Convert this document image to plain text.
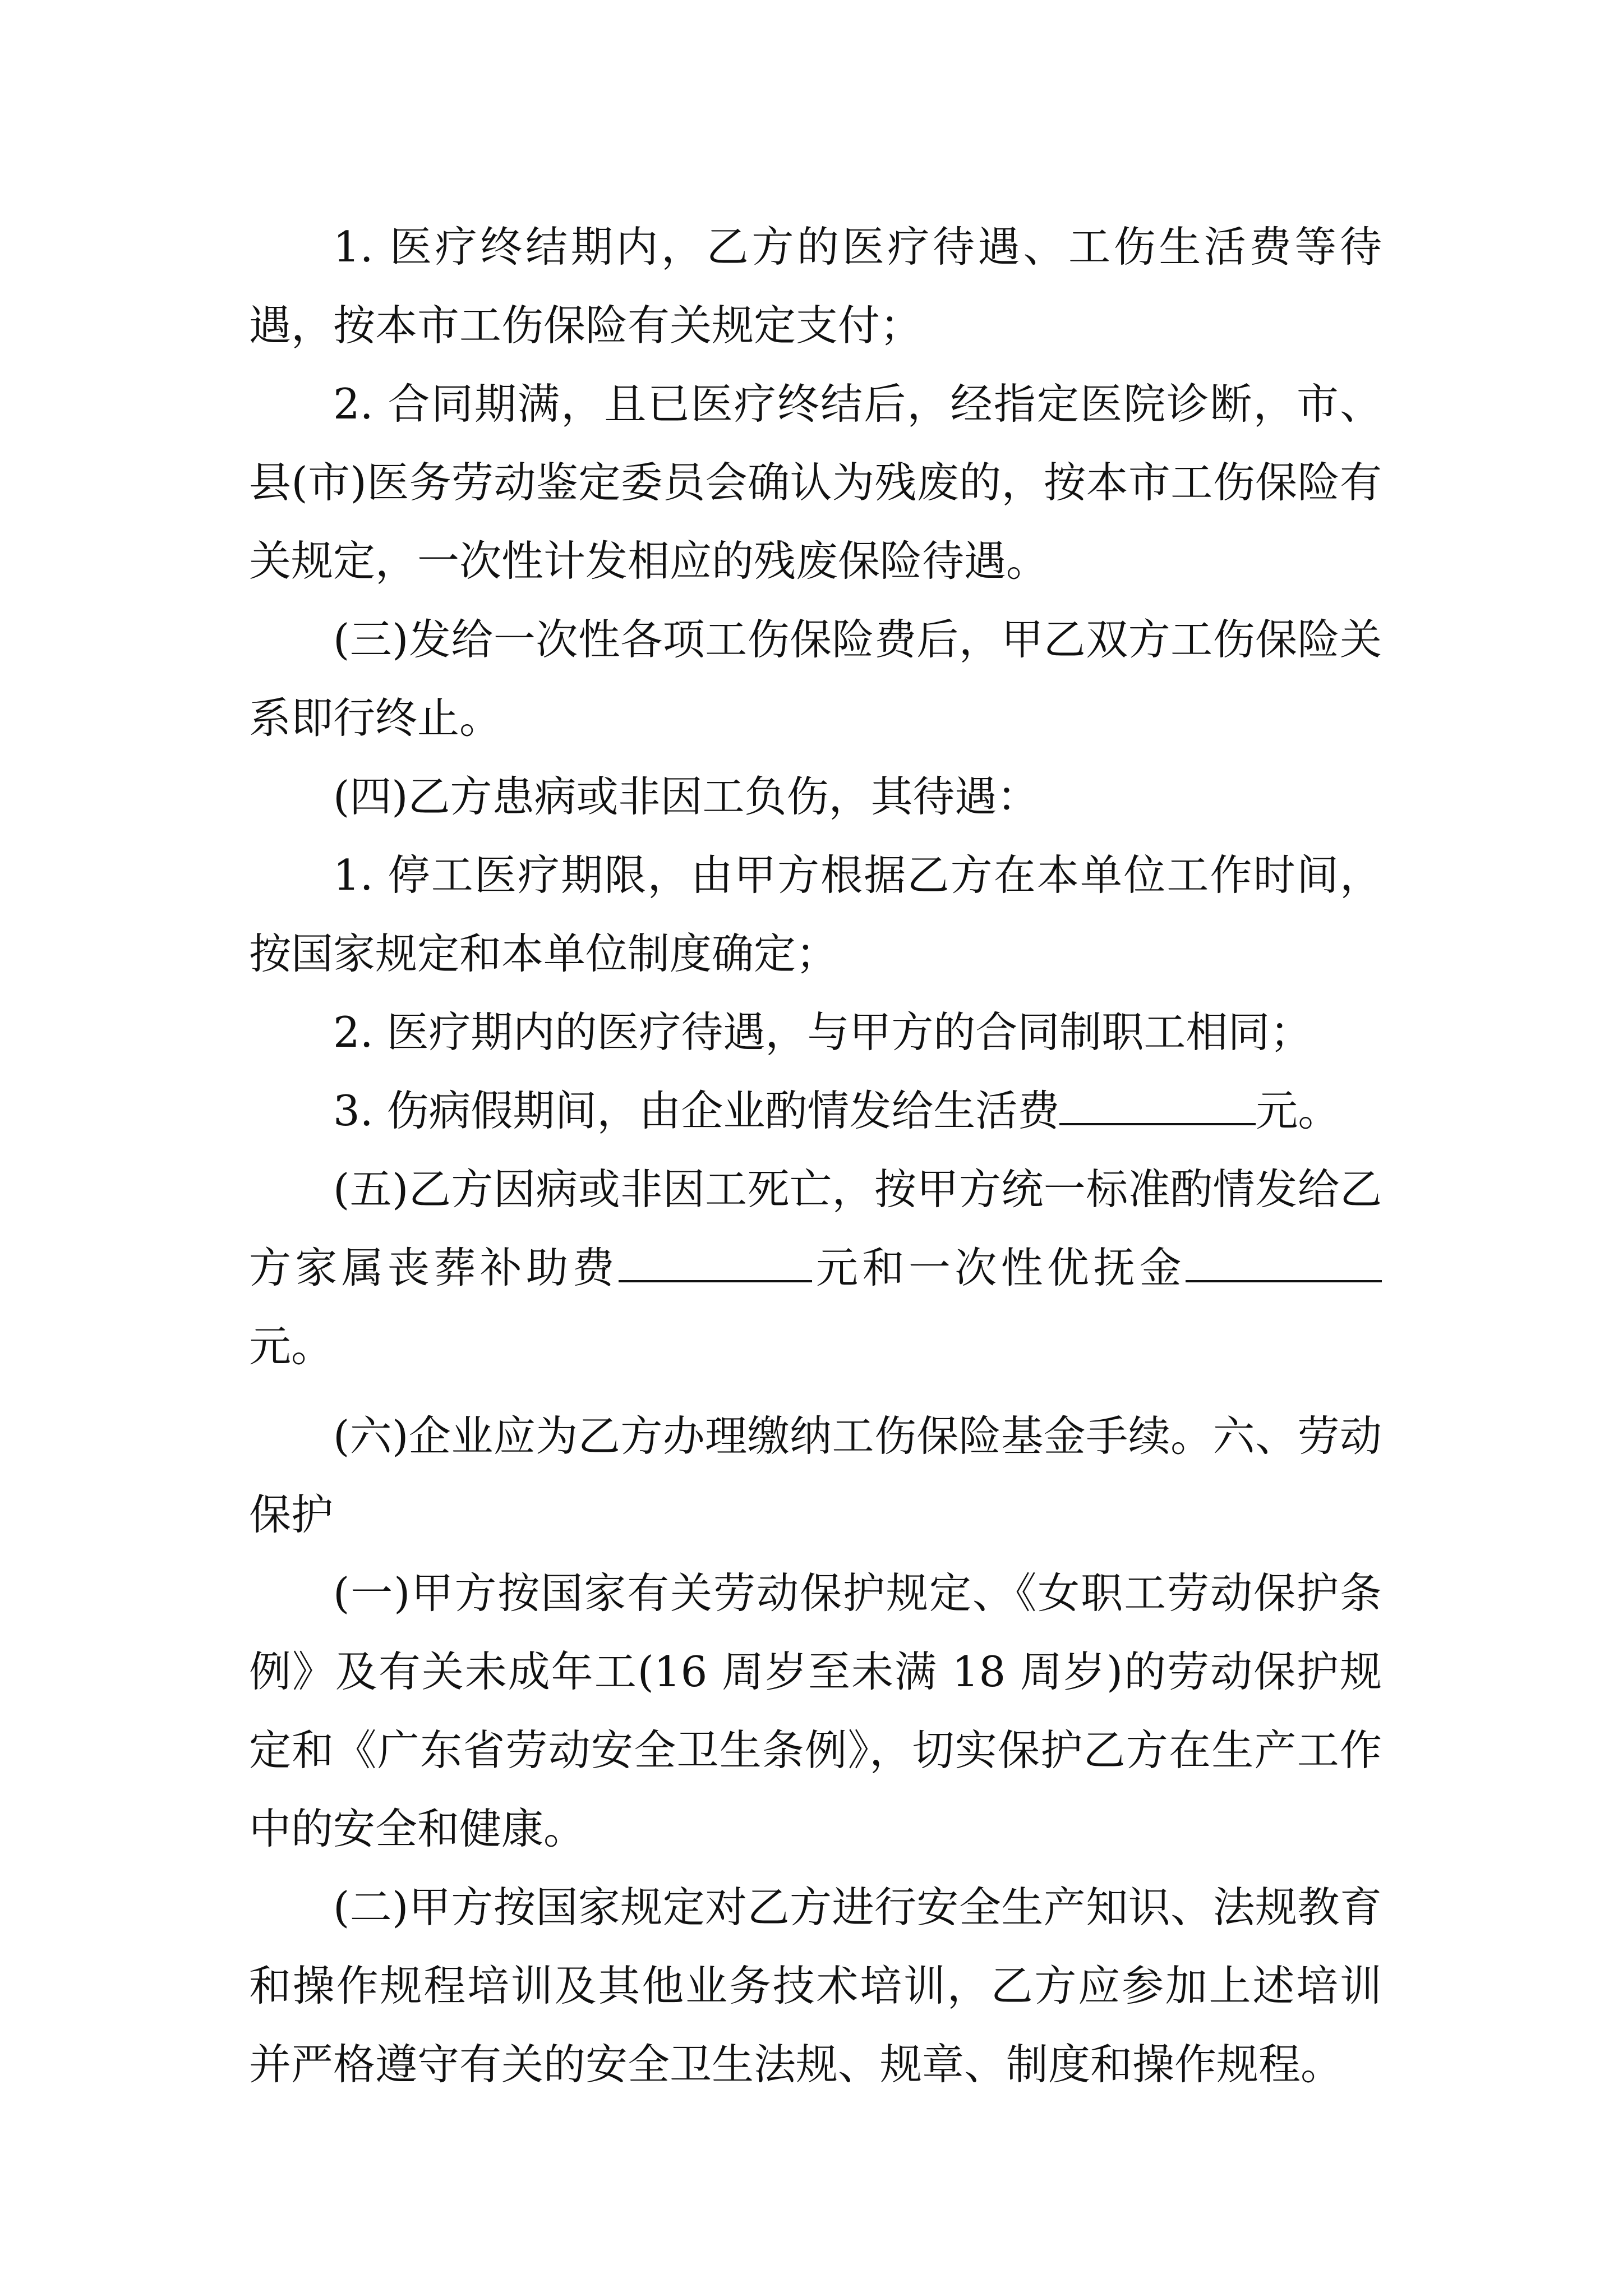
1. 医疗终结期内，乙方的医疗待遇、工伤生活费等待遇，按本市工伤保险有关规定支付；

2. 合同期满，且已医疗终结后，经指定医院诊断，市、县(市)医务劳动鉴定委员会确认为残废的，按本市工伤保险有关规定，一次性计发相应的残废保险待遇。

(三)发给一次性各项工伤保险费后，甲乙双方工伤保险关系即行终止。

(四)乙方患病或非因工负伤，其待遇：

1. 停工医疗期限，由甲方根据乙方在本单位工作时间，按国家规定和本单位制度确定；

2. 医疗期内的医疗待遇，与甲方的合同制职工相同；

3. 伤病假期间，由企业酌情发给生活费	元。

(五)乙方因病或非因工死亡，按甲方统一标准酌情发给乙方家属丧葬补助费	元和一次性优抚金元。

(六)企业应为乙方办理缴纳工伤保险基金手续。六、劳动保护

(一)甲方按国家有关劳动保护规定、《女职工劳动保护条例》及有关未成年工(16 周岁至未满 18 周岁)的劳动保护规定和《广东省劳动安全卫生条例》，切实保护乙方在生产工作中的安全和健康。

(二)甲方按国家规定对乙方进行安全生产知识、法规教育和操作规程培训及其他业务技术培训，乙方应参加上述培训并严格遵守有关的安全卫生法规、规章、制度和操作规程。
